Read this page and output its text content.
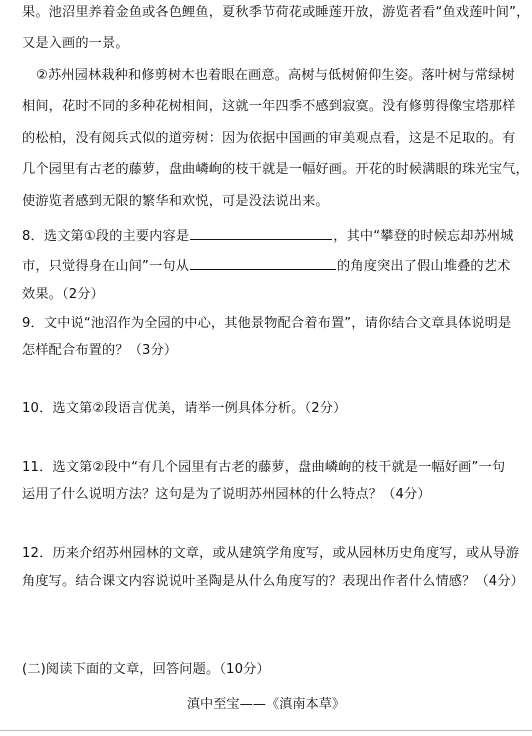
果。池沼里养着金鱼或各色鲤鱼，夏秋季节荷花或睡莲开放，游览者看“鱼戏莲叶间”，
又是入画的一景。
②苏州园林栽种和修剪树木也着眼在画意。高树与低树俯仰生姿。落叶树与常绿树
相间，花时不同的多种花树相间，这就一年四季不感到寂寞。没有修剪得像宝塔那样
的松柏，没有阅兵式似的道旁树：因为依据中国画的审美观点看，这是不足取的。有
几个园里有古老的藤萝，盘曲嶙峋的枝干就是一幅好画。开花的时候满眼的珠光宝气，
使游览者感到无限的繁华和欢悦，可是没法说出来。
8．选文第①段的主要内容是	，其中“攀登的时候忘却苏州城
市，只觉得身在山间”一句从	的角度突出了假山堆叠的艺术
效果。（2分）
9．文中说“池沼作为全园的中心，其他景物配合着布置”，请你结合文章具体说明是
怎样配合布置的？（3分）
10．选文第②段语言优美，请举一例具体分析。（2分）
11．选文第②段中“有几个园里有古老的藤萝，盘曲嶙峋的枝干就是一幅好画”一句
运用了什么说明方法？这句是为了说明苏州园林的什么特点？（4分）
12．历来介绍苏州园林的文章，或从建筑学角度写，或从园林历史角度写，或从导游
角度写。结合课文内容说说叶圣陶是从什么角度写的？表现出作者什么情感？（4分）
(二)阅读下面的文章，回答问题。（10分）
滇中至宝——《滇南本草》
